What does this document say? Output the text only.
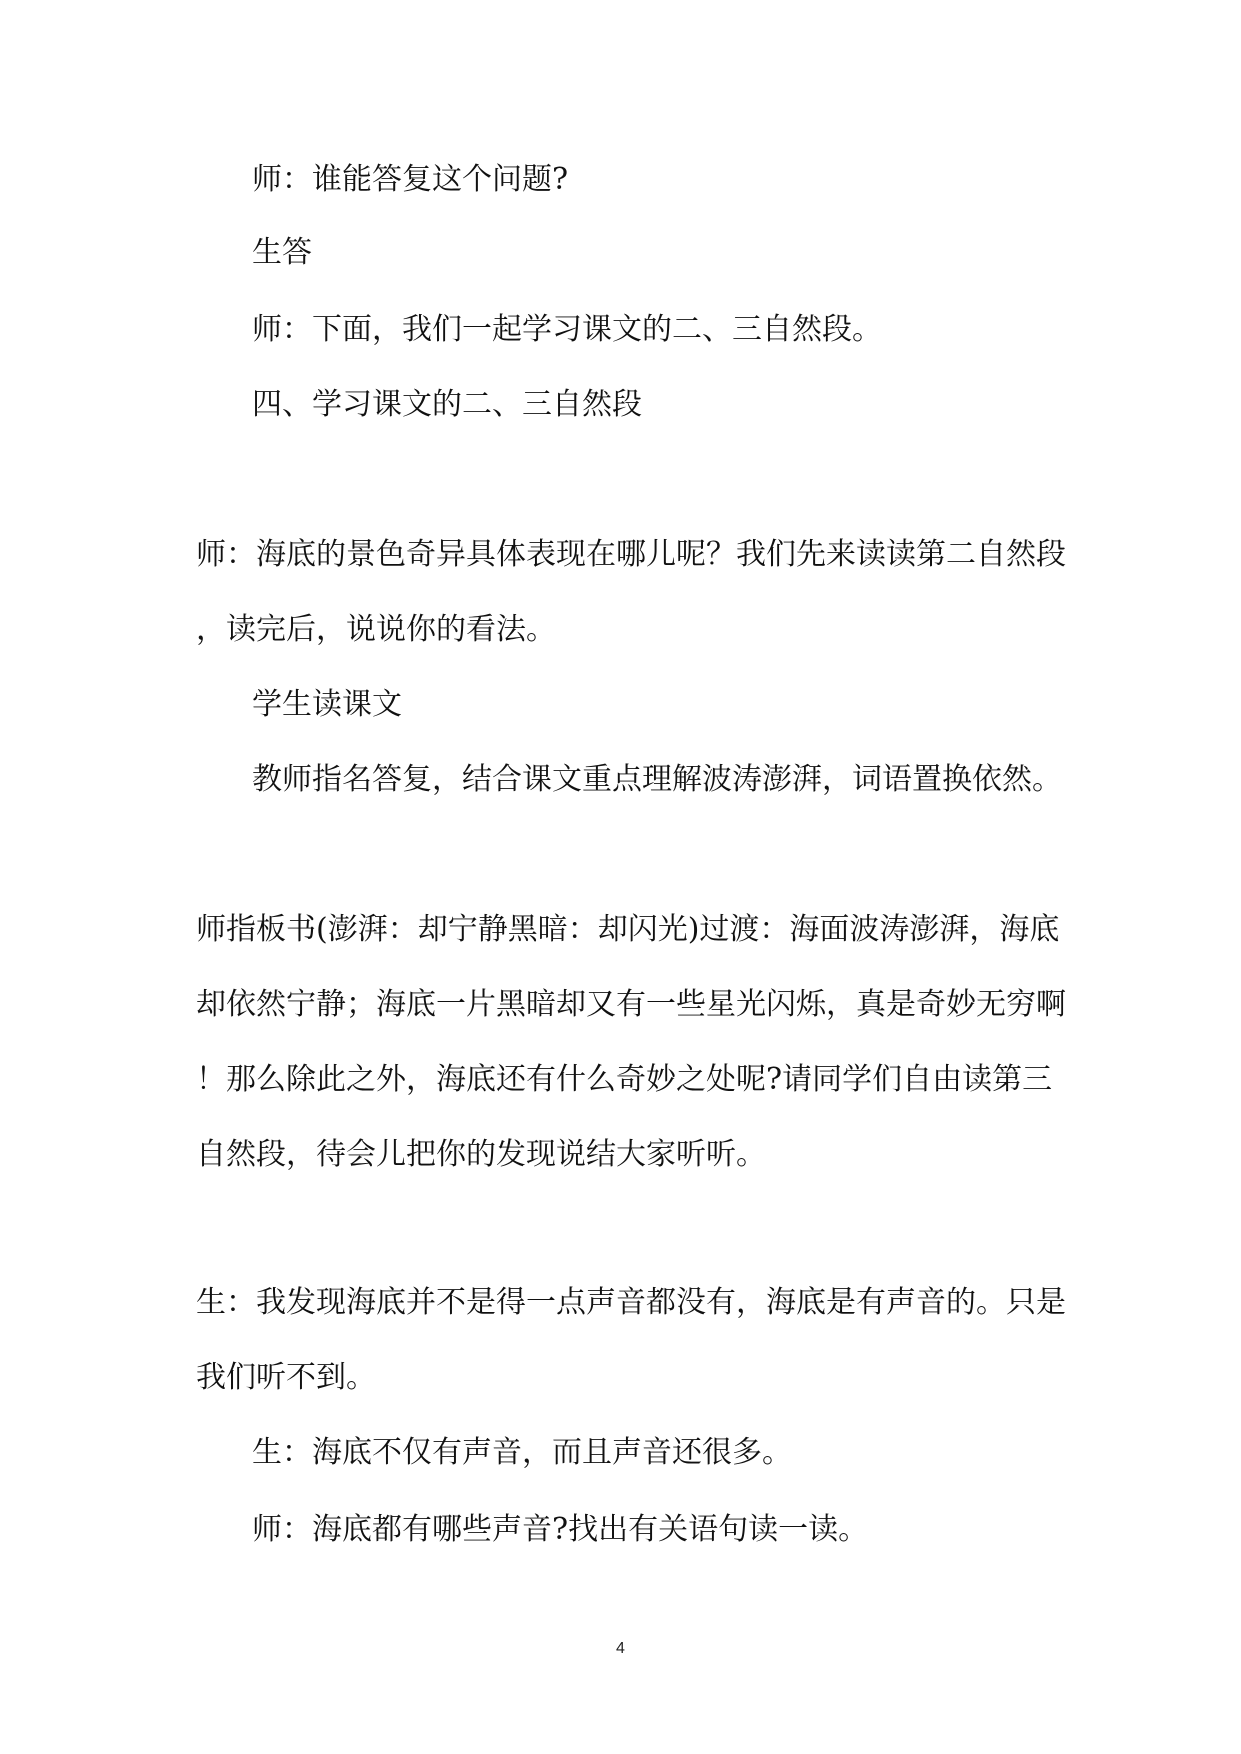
师：谁能答复这个问题?
生答
师：下面，我们一起学习课文的二、三自然段。
四、学习课文的二、三自然段
师：海底的景色奇异具体表现在哪儿呢？我们先来读读第二自然段
，读完后，说说你的看法。
学生读课文
教师指名答复，结合课文重点理解波涛澎湃，词语置换依然。
师指板书(澎湃：却宁静黑暗：却闪光)过渡：海面波涛澎湃，海底
却依然宁静；海底一片黑暗却又有一些星光闪烁，真是奇妙无穷啊
！那么除此之外，海底还有什么奇妙之处呢?请同学们自由读第三
自然段，待会儿把你的发现说结大家听听。
生：我发现海底并不是得一点声音都没有，海底是有声音的。只是
我们听不到。
生：海底不仅有声音，而且声音还很多。
师：海底都有哪些声音?找出有关语句读一读。
4
